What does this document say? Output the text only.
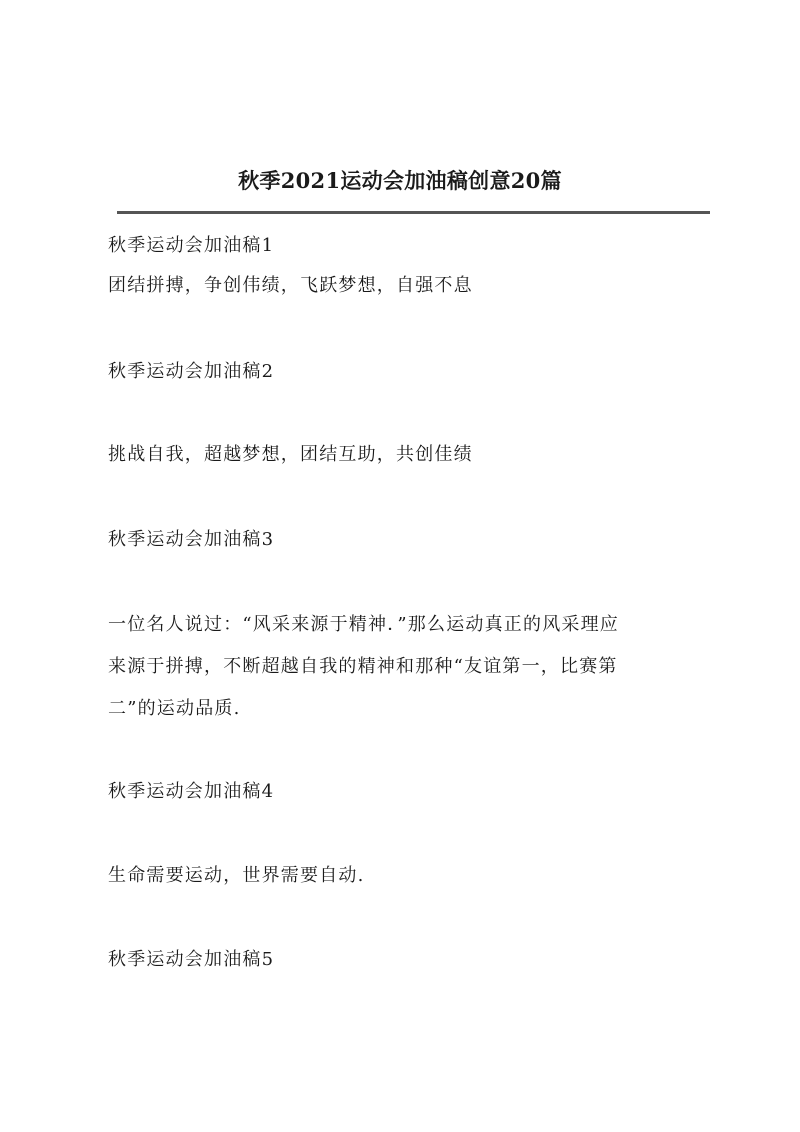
秋季2021运动会加油稿创意20篇
秋季运动会加油稿1
团结拼搏，争创伟绩，飞跃梦想，自强不息
秋季运动会加油稿2
挑战自我，超越梦想，团结互助，共创佳绩
秋季运动会加油稿3
一位名人说过：“风采来源于精神．”那么运动真正的风采理应
来源于拼搏，不断超越自我的精神和那种“友谊第一，比赛第
二”的运动品质.
秋季运动会加油稿4
生命需要运动，世界需要自动.
秋季运动会加油稿5
